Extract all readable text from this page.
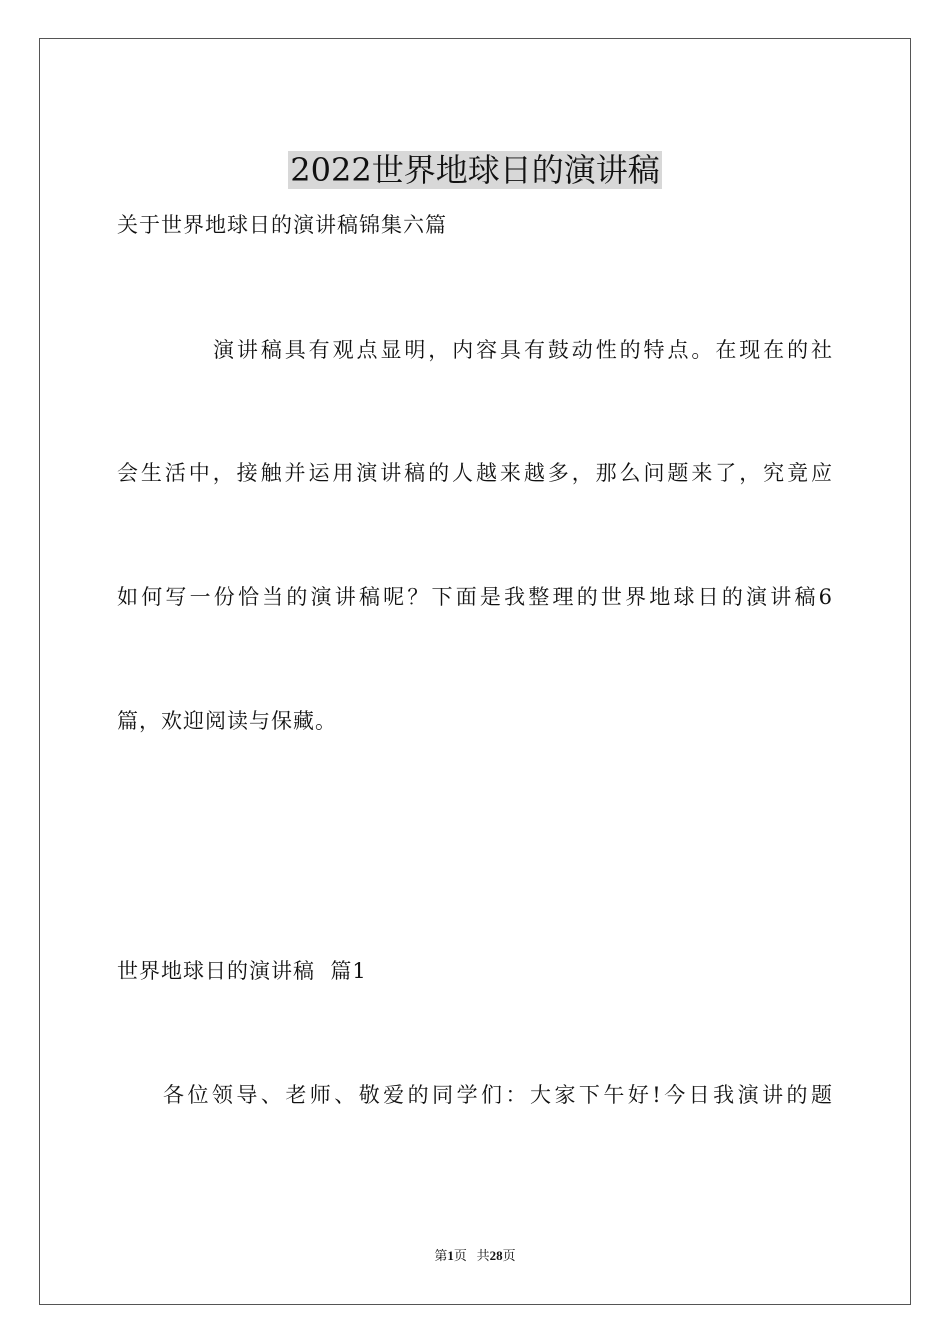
2022世界地球日的演讲稿
关于世界地球日的演讲稿锦集六篇
演讲稿具有观点显明，内容具有鼓动性的特点。在现在的社
会生活中，接触并运用演讲稿的人越来越多，那么问题来了，究竟应
如何写一份恰当的演讲稿呢？下面是我整理的世界地球日的演讲稿6
篇，欢迎阅读与保藏。
世界地球日的演讲稿  篇1
各位领导、老师、敬爱的同学们：大家下午好!今日我演讲的题
第1页 共28页
